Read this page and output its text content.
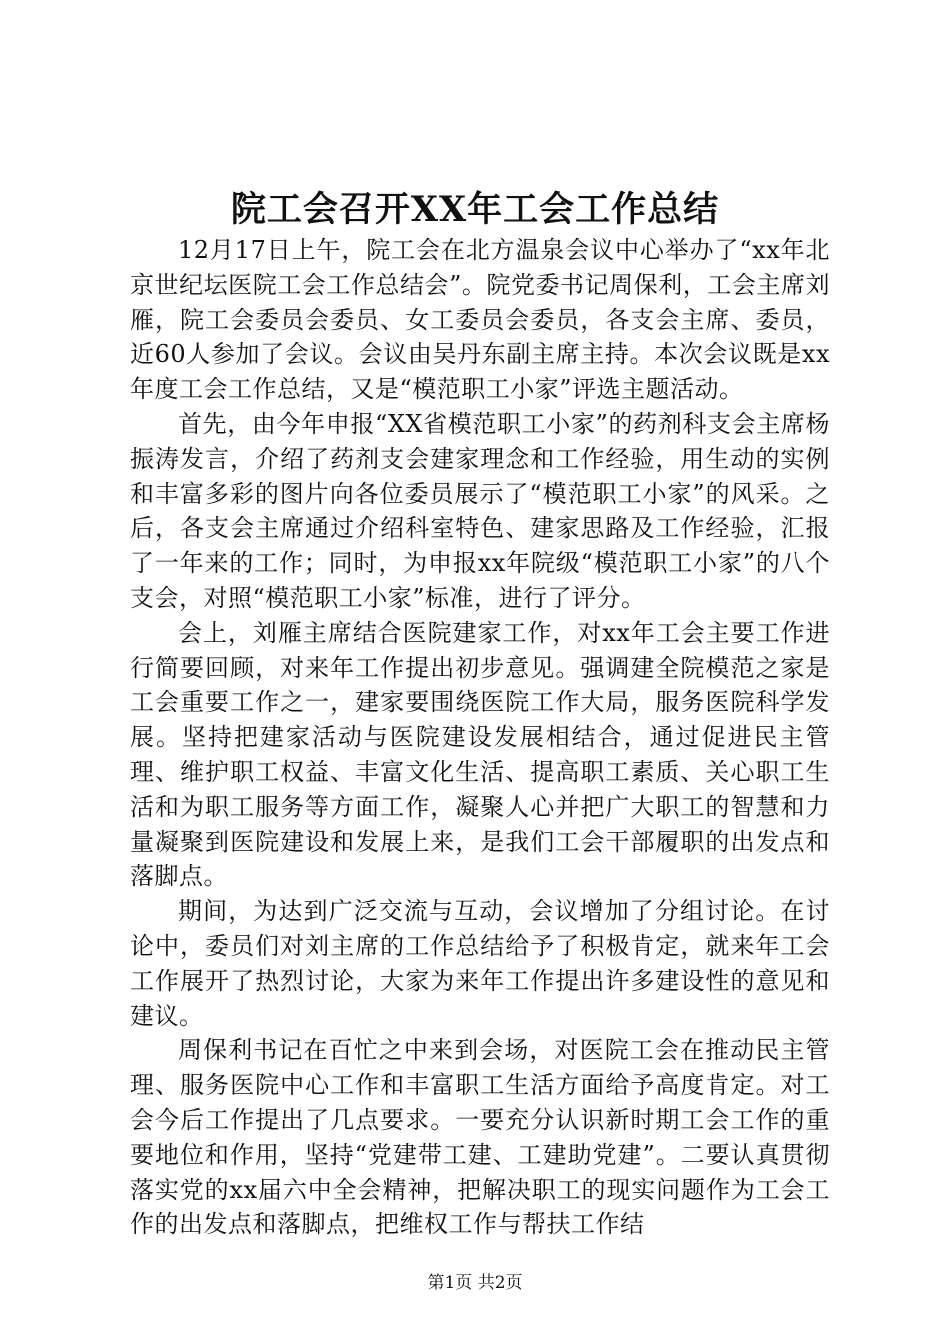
院工会召开XX年工会工作总结

12月17日上午，院工会在北方温泉会议中心举办了“xx年北京世纪坛医院工会工作总结会”。院党委书记周保利，工会主席刘雁，院工会委员会委员、女工委员会委员，各支会主席、委员，近60人参加了会议。会议由吴丹东副主席主持。本次会议既是xx年度工会工作总结，又是“模范职工小家”评选主题活动。

首先，由今年申报“XX省模范职工小家”的药剂科支会主席杨振涛发言，介绍了药剂支会建家理念和工作经验，用生动的实例和丰富多彩的图片向各位委员展示了“模范职工小家”的风采。之后，各支会主席通过介绍科室特色、建家思路及工作经验，汇报了一年来的工作；同时，为申报xx年院级“模范职工小家”的八个支会，对照“模范职工小家”标准，进行了评分。

会上，刘雁主席结合医院建家工作，对xx年工会主要工作进行简要回顾，对来年工作提出初步意见。强调建全院模范之家是工会重要工作之一，建家要围绕医院工作大局，服务医院科学发展。坚持把建家活动与医院建设发展相结合，通过促进民主管理、维护职工权益、丰富文化生活、提高职工素质、关心职工生活和为职工服务等方面工作，凝聚人心并把广大职工的智慧和力量凝聚到医院建设和发展上来，是我们工会干部履职的出发点和落脚点。

期间，为达到广泛交流与互动，会议增加了分组讨论。在讨论中，委员们对刘主席的工作总结给予了积极肯定，就来年工会工作展开了热烈讨论，大家为来年工作提出许多建设性的意见和建议。

周保利书记在百忙之中来到会场，对医院工会在推动民主管理、服务医院中心工作和丰富职工生活方面给予高度肯定。对工会今后工作提出了几点要求。一要充分认识新时期工会工作的重要地位和作用，坚持“党建带工建、工建助党建”。二要认真贯彻落实党的xx届六中全会精神，把解决职工的现实问题作为工会工作的出发点和落脚点，把维权工作与帮扶工作结

第1页 共2页
